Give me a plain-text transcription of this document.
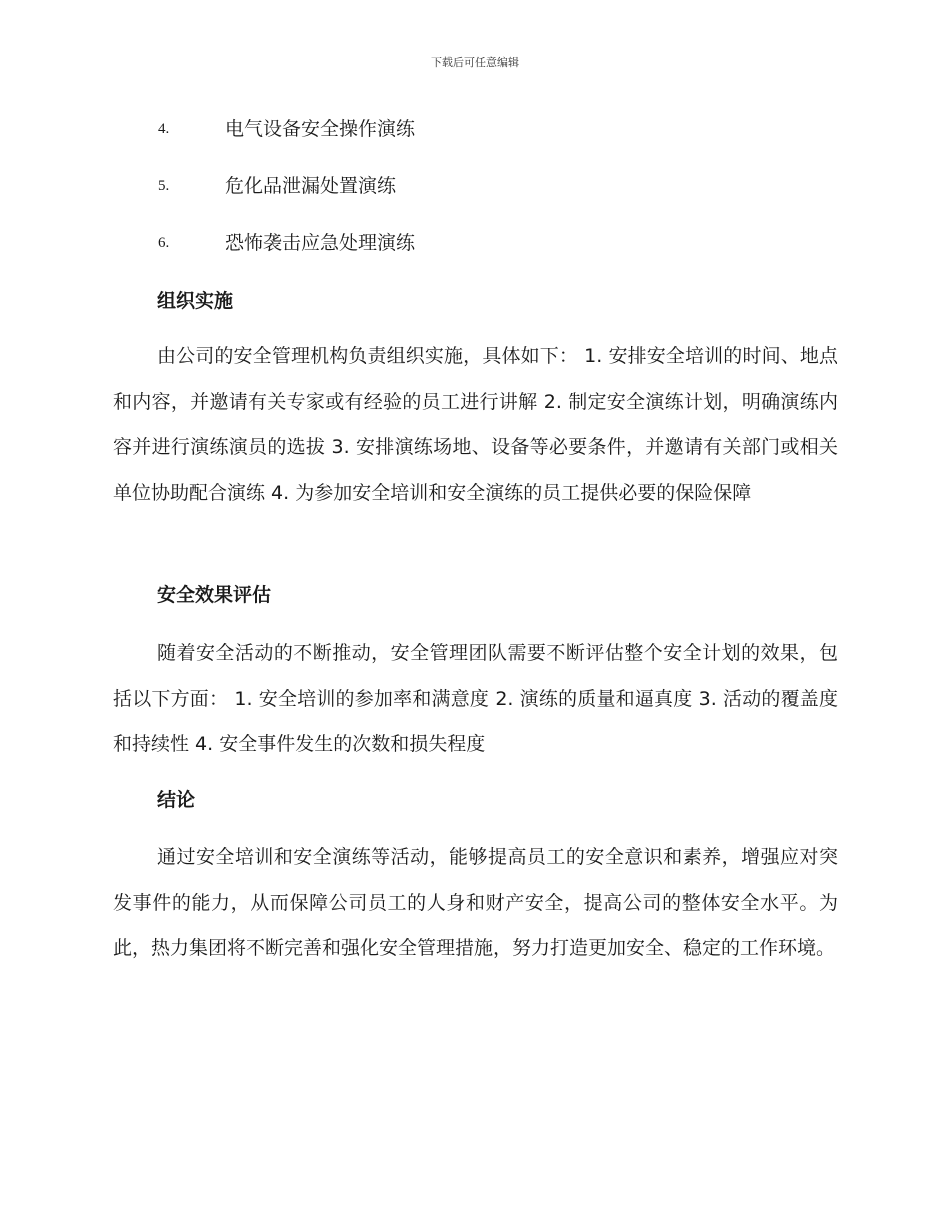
下载后可任意编辑
4.	电气设备安全操作演练
5.	危化品泄漏处置演练
6.	恐怖袭击应急处理演练
组织实施

由公司的安全管理机构负责组织实施，具体如下： 1. 安排安全培训的时间、地点和内容，并邀请有关专家或有经验的员工进行讲解 2. 制定安全演练计划，明确演练内容并进行演练演员的选拔 3. 安排演练场地、设备等必要条件，并邀请有关部门或相关单位协助配合演练 4. 为参加安全培训和安全演练的员工提供必要的保险保障

安全效果评估

随着安全活动的不断推动，安全管理团队需要不断评估整个安全计划的效果，包括以下方面： 1. 安全培训的参加率和满意度 2. 演练的质量和逼真度 3. 活动的覆盖度和持续性 4. 安全事件发生的次数和损失程度

结论

通过安全培训和安全演练等活动，能够提高员工的安全意识和素养，增强应对突发事件的能力，从而保障公司员工的人身和财产安全，提高公司的整体安全水平。为此，热力集团将不断完善和强化安全管理措施，努力打造更加安全、稳定的工作环境。
